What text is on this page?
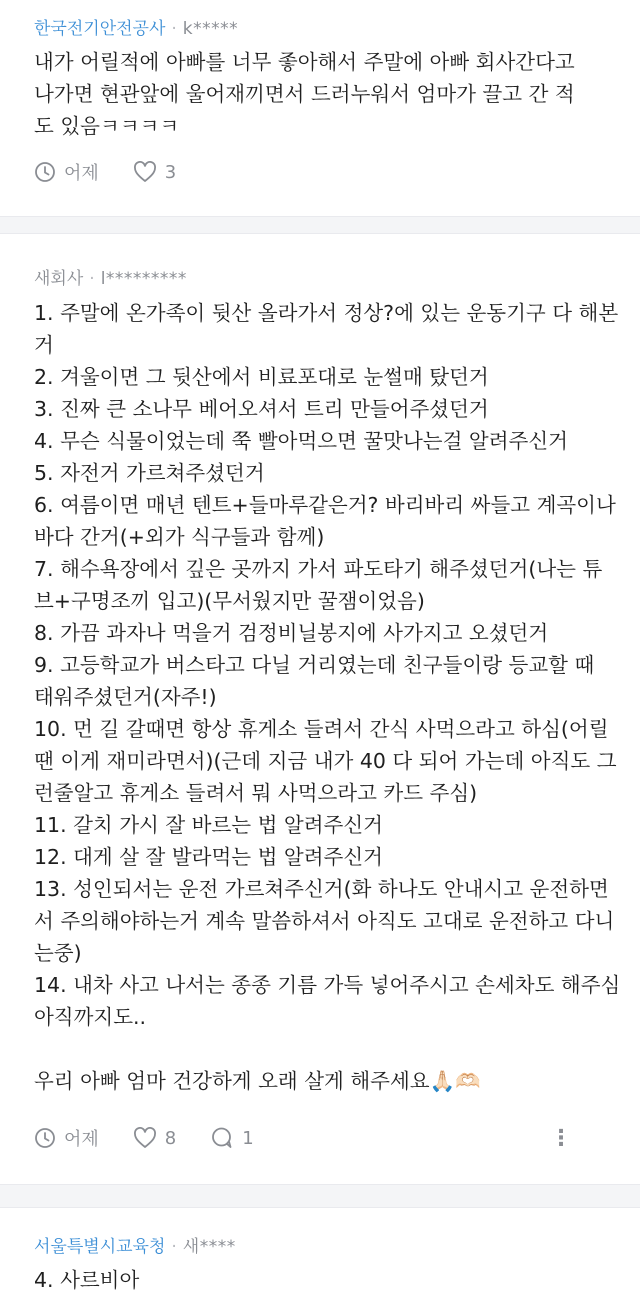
한국전기안전공사 · k*****
내가 어릴적에 아빠를 너무 좋아해서 주말에 아빠 회사간다고
나가면 현관앞에 울어재끼면서 드러누워서 엄마가 끌고 간 적
도 있음ㅋㅋㅋㅋ
어제	3
새회사 · l*********
1. 주말에 온가족이 뒷산 올라가서 정상?에 있는 운동기구 다 해본
거
2. 겨울이면 그 뒷산에서 비료포대로 눈썰매 탔던거
3. 진짜 큰 소나무 베어오셔서 트리 만들어주셨던거
4. 무슨 식물이었는데 쭉 빨아먹으면 꿀맛나는걸 알려주신거
5. 자전거 가르쳐주셨던거
6. 여름이면 매년 텐트+들마루같은거? 바리바리 싸들고 계곡이나
바다 간거(+외가 식구들과 함께)
7. 해수욕장에서 깊은 곳까지 가서 파도타기 해주셨던거(나는 튜
브+구명조끼 입고)(무서웠지만 꿀잼이었음)
8. 가끔 과자나 먹을거 검정비닐봉지에 사가지고 오셨던거
9. 고등학교가 버스타고 다닐 거리였는데 친구들이랑 등교할 때
태워주셨던거(자주!)
10. 먼 길 갈때면 항상 휴게소 들려서 간식 사먹으라고 하심(어릴
땐 이게 재미라면서)(근데 지금 내가 40 다 되어 가는데 아직도 그
런줄알고 휴게소 들려서 뭐 사먹으라고 카드 주심)
11. 갈치 가시 잘 바르는 법 알려주신거
12. 대게 살 잘 발라먹는 법 알려주신거
13. 성인되서는 운전 가르쳐주신거(화 하나도 안내시고 운전하면
서 주의해야하는거 계속 말씀하셔서 아직도 고대로 운전하고 다니
는중)
14. 내차 사고 나서는 종종 기름 가득 넣어주시고 손세차도 해주심
아직까지도..

우리 아빠 엄마 건강하게 오래 살게 해주세요🙏🏻🫶🏻
어제	8	1	⋮
서울특별시교육청 · 새****
4. 사르비아
